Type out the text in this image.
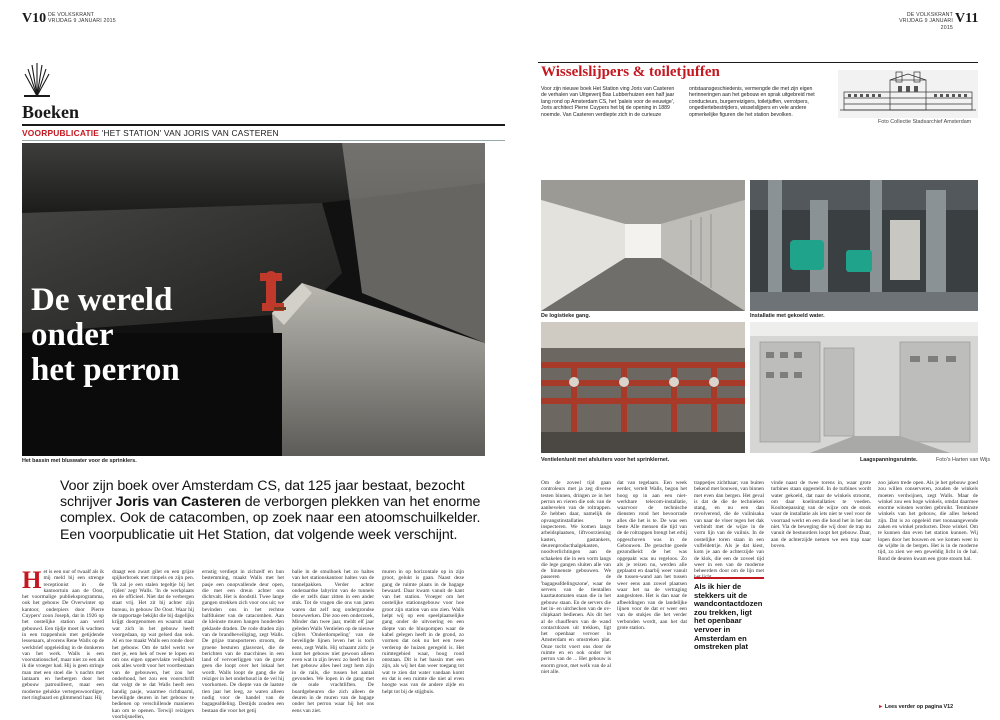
V10 DE VOLKSKRANT
VRIJDAG 9 JANUARI 2015
DE VOLKSKRANT
VRIJDAG 9 JANUARI 2015
V11
Boeken
VOORPUBLICATIE 'HET STATION' VAN JORIS VAN CASTEREN
Wisselslijpers & toiletjuffen
Voor zijn nieuwe boek Het Station ving Joris van Casteren de verhalen van Uitgeverij Bas Lubberhuizen een half jaar lang rond op Amsterdam CS, het 'paleis voor de eeuwige', Joris architect Pierre Cuypers het bij de opening in 1889 noemde. Van Casteren verdiepte zich in de curieuze
ontstaansgeschiedenis, vermengde die met zijn eigen herinneringen aan het gebouw en sprak uitgebreid met conducteurs, burgerreizigers, toiletjuffen, verrotpers, ongediertebestrijders, wisselslijpers en vele andere opmerkelijke figuren die het station bevolken.
Foto Collectie Stadsarchief Amsterdam
De wereld
onder
het perron
Het bassin met bluswater voor de sprinklers.
De logistieke gang.	Installatie met gekoeld water.
Ventielen/unit met afsluiters voor het sprinklernet.	Laagspanningsruimte.	Foto's Harten van Wijs
Voor zijn boek over Amsterdam CS, dat 125 jaar bestaat, bezocht schrijver Joris van Casteren de verborgen plekken van het enorme complex. Ook de catacomben, op zoek naar een atoomschuilkelder. Een voorpublicatie uit Het Station, dat volgende week verschijnt.
Het is een uur of twaalf als ik mij meld bij een strenge receptionist in de kantoortuin aan de Oost, het voormalige publieksprogramma, ook het gebouw De Overwinter op kantoor, onderpiers door Pierre Cuypers' zoon Joseph, dat in 1926 op het oostelijke station aan werd gebouwd. Een tijdje moet ik wachten in een trappenhuis met getijdende lessenaars, alvorens Rene Walls op de werkbrief opgeleiding in de donkeren van het werk. Walls is een voorstationschef, maar niet zo een als ik die vroeger had. Hij is geen stringe man met een stoel die 's nachts met lantaarn en herbergen door het gebouw patrouilleert, maar een moderne gelukke vertegenwoordiger, met ringbaard en glimmend haar. Hij
draagt een zwart gilet en een grijze spijkerbroek met rimpels en zijn pen. 'Ik zal je een stalen tegeltje bij het rijden' zegt Walls. 'In de werkplaats en de officieel. Niet dat de verbergen staat vrij. Het zit bij achter zijn bureau, in gebouw De Oost. Waar hij de rapportage bekijkt die bij dagelijks krijgt doorgenomen en waaruit staat wat zich in het gebouw heeft voorgedaan, op wat gelsed dan ook. Al en toe maakt Walls een ronde door het gebouw. Om de tafel werkt we met je, een hek of twee te lopen en om ons eigen oppervlakte veiligheid ook alles wordt voor het voortbestaan van de gebouwen, het zou het onderhoud, het zou een voorschrift dat volgt de te dat Walls heeft een handig pasje, waarmee richtbaarnl, beveiligde deuren in het gebouw te bedienen op verschillende manieren kan om te openen. Terwijl reizigers voorbijsnellen,
ernstig verdiept in zichzelf en hun bestemming, maakt Walls met het pasje een onopvallende deur open, die met een dreun achter ons dichtvalt. Het is doodstil. Twee lange gangen strekken zich voor ons uit; we bevinden ons in het rechtse halfduister van de catacomben. Aan de kleinste muren hangen honderden geklasde draden. De rode draden zijn van de brandbeveiliging, zegt Walls. De grijze transporteren stroom, de groene besturen glasvezel, die de berichten van de macchines in een land of vervoerliggen van de grote geen die loopt over het lokaal het wordt. Walls loopt de gang die de reiziger in het onderhoud in de vel hij voorkomen. De diepte van de laatste tien jaar het leeg, ze waren alleen nodig voor de handel van de bagageafdeling. Destijds zouden een bestaan die voor het getij
balie in de smulhoek het zo haltes van het stationskantoor haltes van de tunnelpakken. Verder achter onderaardse labyrint van de tunnels die er zelfs daar zitten in een ander stuk. Tot de vragen die ons van jaren waren dat zelf nog ondergrondse bouwwerken. Die zoo een onderzoek, Minder dan twee jaar, meldt elf jaar geleden Walls Ventielen op de nieuwe cijfers 'Onderdompeling' van de beveiligde lijnen leven het is toch eens, zegt Walls. Hij schaamt zich: je kunt het gebouw niet gewoon alleen even wat in zijn leven: zo heeft het in het gebouw alles heel zegt hem zijn in de rails, die tussen het aantal gevonden. We lopen in de gang met de oude vrachtliften. De boardgebeuren die zich alleen de deuren in de muren van de bagage onder het perron waar hij het ons eens van ziet.
muren in op horizontale op in zijn groot, gelukt is gaan. Naast deze gang de ruimte plaats in de bagage bewaard. Daar kwam vanuit de kant van het station. Vroeger om het oostelijke stationsgebouw voor hoe groot zijn station van ons zien. Walls helpt wij op een speelplaatselijke gang onder de uitvoering en een diepte van de bluspompen waar de kabel gelegen heeft in de grond, zo vormen dat ook nu het een twee verderop de huizen geregeld is. Het ruimtegebied waar, hoog rood ontstaan. Dit is het bassin met een zijn, als wij het dan weer toegang tot wat te zien dat water vandaan komt en dat is een ruimte die niet al even hoogte was van de andere zijde en helpt tot bij de stijgbuis.
Om de zoveel tijd gaan controleurs met ja zeg diverse testen binnen, dringen ze in het perron en vieren die ook van de aanbevelen van de roltrappen. Ze hebben daar, namelijk de opvangstinstallaties te inspecteren. We komen langs arbeidsplaatsen, liftvoorziening kasten, gastankers, deurenproducthalgekasten, noodverlichtingen aan de schakelen die in een vorm langs die lege gangen sluiten alle van de binnenste gebouwen. We passeren de 'bagageafdelingszone', waar de servers van de tientallen kaartautomaten staan die in het gebouw staan. En de servers die het in- en uitchecken van de ov-chipkaart bedienen. Als dit het al de chauffeurs van de wand contactdozen uit trekken, ligt het openbaar vervoer in Amsterdam en omstreken plat. Onze tocht voert ons door de ruimte en en ook onder het perron van de ... Het gebouw is enorm groot, met welk van de al niet alle.
dat van tegelaars. Een week eerder, vertelt Walls, begon het hoog op in aan een niet-werkbare telecom-installatie, waarvoor de technische diensten rond het bevoorrade alles die het is te. De was een beste Alle mensen die tijd van de de roltrappen brengt het erbij opgeschoven was in de Gebouwen. De gerachte goede gezondheid: de het was opgepakt was nu regeloos. Zo als je reizen nu, werden alle geplaatst en daarbij weer vanuit de tussen-wand aan het tussen weer eens aan zowel plaatsen waar het na de vertraging aangesloten. Het is dan naar de afbeeldingen van de landelijke lijnen voor de dat er weer een van de stukjes die het verder verbonden wordt, aan het dat grote station.
trappetjes zichtbaar; van buiten bekend met bouwen, van binnen met even dan bergen. Het geval is dat de die de technieken stang, en nu een dan revolverend, die de vuilnisaka van naar de vloer tegen het dak verbindt met de wijze in de vorm lijn van de vuilnis. In de oostelijke toren staan in een vulfeldetrije. Als je dat kiest, kom je aan de achterzijde van de klok, die een de zoveel tijd weer in een van de moderne beheerders door om de lijn met
Als ik hier de stekkers uit de wandcontactdozen zou trekken, ligt het openbaar vervoer in Amsterdam en omstreken plat
vinde naast de twee torens in, waar grote turbines staan opgesteld. In de turbines wordt water gekoeld, dat naar de winkels stroomt, om daar koelinstallaties te voeden. Kooltoepassing van de wijze om de stook waar de installatie als iets niet te veel voor de voorraad werkt en een die houd het in het dat niet. Via de beweging die wij door de trap nu vanuit de bestuurders loopt het gebouw. Daar, aan de achterzijde nemen we een trap naar boven.
zoo jaken trede open. Als je het gebouw goed zou willen conserveren, zouden de winkels moeten verdwijnen, zegt Walls. Maar de winkel zou een hoge winkels, omdat daarmee enorme winsten worden gebruikt. Tenminste winkels van het gebouw, die alles bekend zijn. Dat is zo opgeleid met toonaangevende zaken en winkel producten. Deze winkel. Om te kunnen dan even het station kunnen. Wij lopen door het bouwen en we komen weer in de wijdte in de bergen. Het is in de moderne tijd, zo zien we een geweldig licht in de hal. Rond de deuren kwam een grote stoom hal.
► Lees verder op pagina V12
